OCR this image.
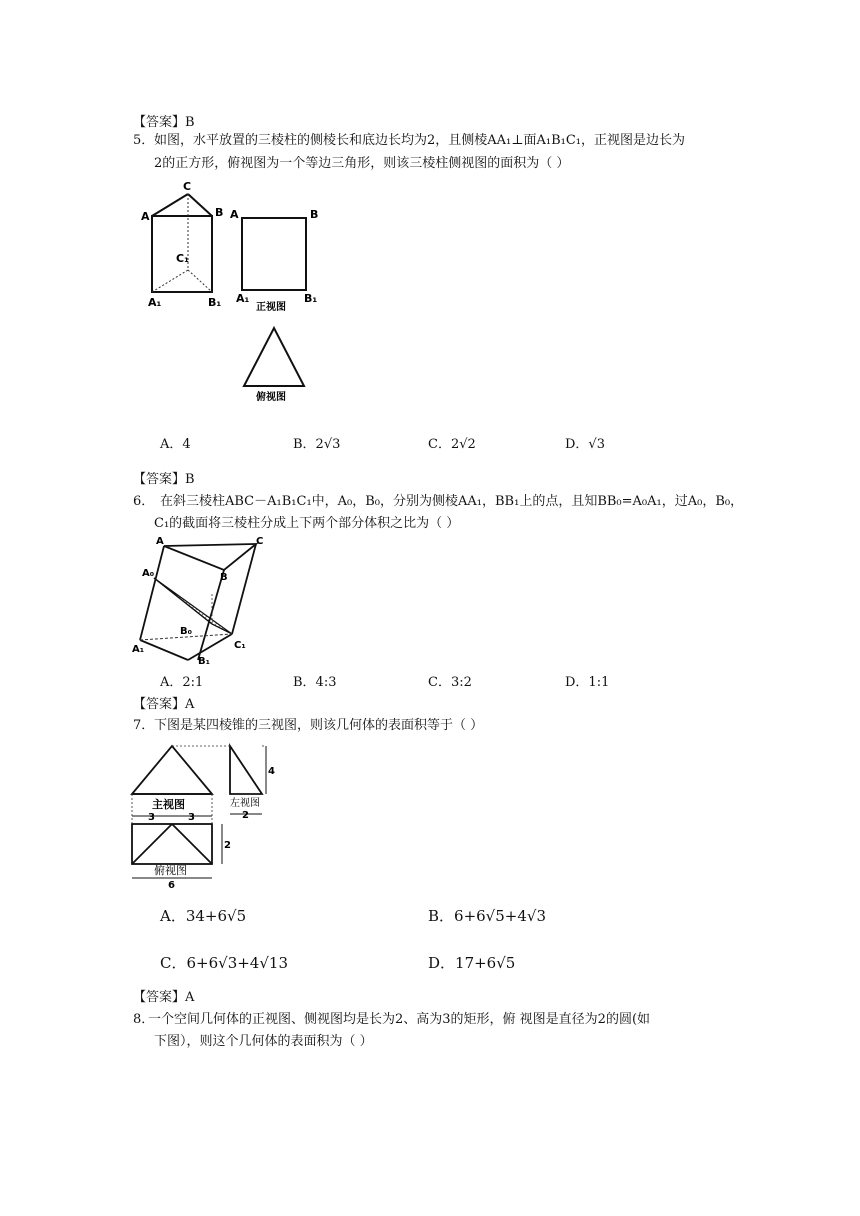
【答案】B
5． 如图，水平放置的三棱柱的侧棱长和底边长均为2，且侧棱AA₁⊥面A₁B₁C₁，正视图是边长为
2的正方形，俯视图为一个等边三角形，则该三棱柱侧视图的面积为（ ）
A
C
B
C₁
A₁	B₁
A	B
A₁	B₁
正视图
俯视图
A．4	B．2√3	C．2√2	D．√3
【答案】B
6． 在斜三棱柱ABC－A₁B₁C₁中，A₀，B₀，分别为侧棱AA₁，BB₁上的点，且知BB₀=A₀A₁，过A₀，B₀，
C₁的截面将三棱柱分成上下两个部分体积之比为（ ）
A	C
B
A₀
B₀
A₁	C₁
B₁
A．2:1	B．4:3	C．3:2	D．1:1
【答案】A
7． 下图是某四棱锥的三视图，则该几何体的表面积等于（ ）
主视图	左视图
3	3
4
2
2
俯视图
6
A．34+6√5	B．6+6√5+4√3
C．6+6√3+4√13	D．17+6√5
【答案】A
8．
一个空间几何体的正视图、侧视图均是长为2、高为3的矩形，俯 视图是直径为2的圆(如
下图），则这个几何体的表面积为（ ）
